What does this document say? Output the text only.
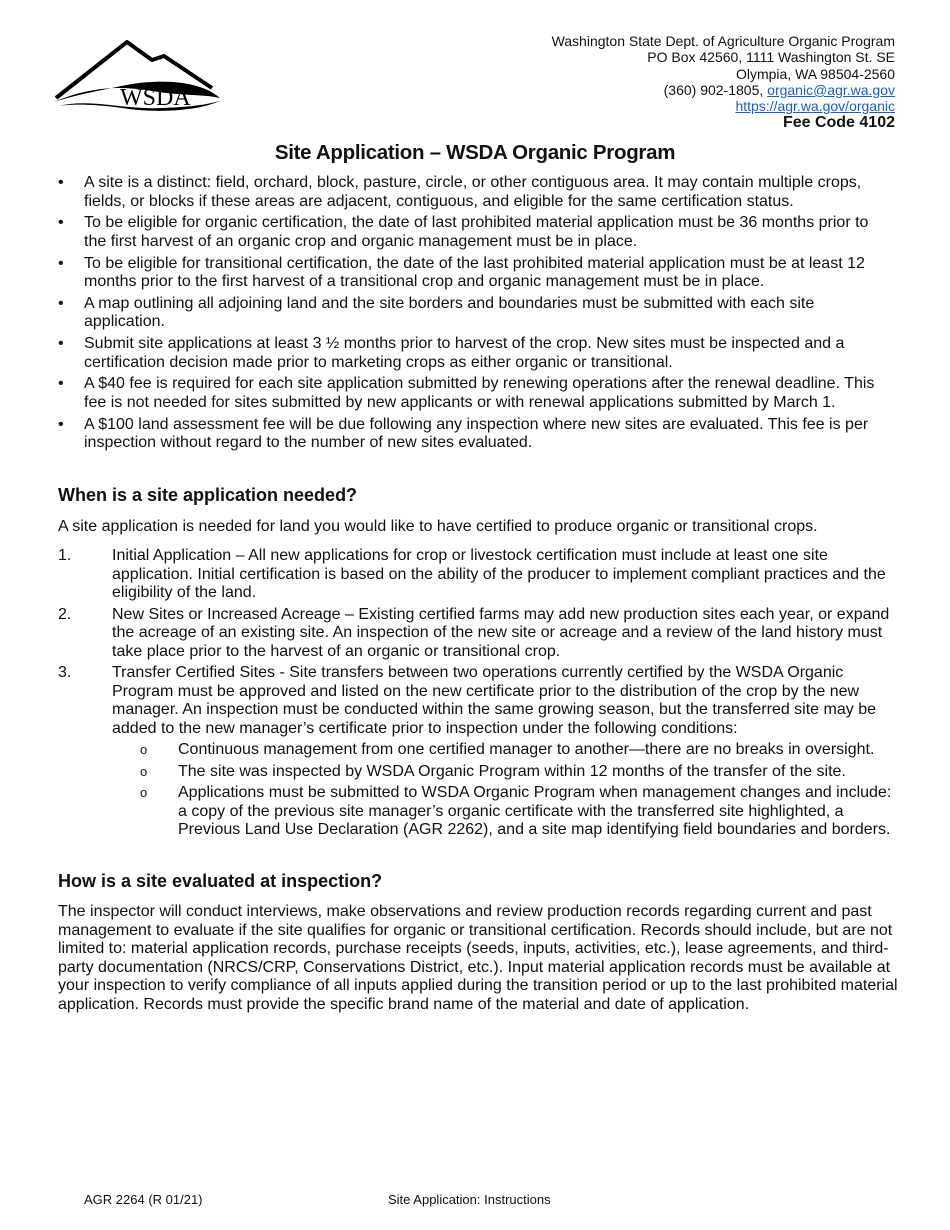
WSDA
Washington State Dept. of Agriculture Organic Program
PO Box 42560, 1111 Washington St. SE
Olympia, WA 98504-2560
(360) 902-1805, organic@agr.wa.gov
https://agr.wa.gov/organic
Fee Code 4102
Site Application – WSDA Organic Program
• A site is a distinct: field, orchard, block, pasture, circle, or other contiguous area. It may contain multiple crops, fields, or blocks if these areas are adjacent, contiguous, and eligible for the same certification status.
• To be eligible for organic certification, the date of last prohibited material application must be 36 months prior to the first harvest of an organic crop and organic management must be in place.
• To be eligible for transitional certification, the date of the last prohibited material application must be at least 12 months prior to the first harvest of a transitional crop and organic management must be in place.
• A map outlining all adjoining land and the site borders and boundaries must be submitted with each site application.
• Submit site applications at least 3 ½ months prior to harvest of the crop. New sites must be inspected and a certification decision made prior to marketing crops as either organic or transitional.
• A $40 fee is required for each site application submitted by renewing operations after the renewal deadline. This fee is not needed for sites submitted by new applicants or with renewal applications submitted by March 1.
• A $100 land assessment fee will be due following any inspection where new sites are evaluated. This fee is per inspection without regard to the number of new sites evaluated.
When is a site application needed?
A site application is needed for land you would like to have certified to produce organic or transitional crops.
1.	Initial Application – All new applications for crop or livestock certification must include at least one site application. Initial certification is based on the ability of the producer to implement compliant practices and the eligibility of the land.
2.	New Sites or Increased Acreage – Existing certified farms may add new production sites each year, or expand the acreage of an existing site. An inspection of the new site or acreage and a review of the land history must take place prior to the harvest of an organic or transitional crop.
3.	Transfer Certified Sites - Site transfers between two operations currently certified by the WSDA Organic Program must be approved and listed on the new certificate prior to the distribution of the crop by the new manager. An inspection must be conducted within the same growing season, but the transferred site may be added to the new manager’s certificate prior to inspection under the following conditions:
o Continuous management from one certified manager to another—there are no breaks in oversight.
o The site was inspected by WSDA Organic Program within 12 months of the transfer of the site.
o Applications must be submitted to WSDA Organic Program when management changes and include: a copy of the previous site manager’s organic certificate with the transferred site highlighted, a Previous Land Use Declaration (AGR 2262), and a site map identifying field boundaries and borders.
How is a site evaluated at inspection?
The inspector will conduct interviews, make observations and review production records regarding current and past management to evaluate if the site qualifies for organic or transitional certification. Records should include, but are not limited to: material application records, purchase receipts (seeds, inputs, activities, etc.), lease agreements, and third-party documentation (NRCS/CRP, Conservations District, etc.). Input material application records must be available at your inspection to verify compliance of all inputs applied during the transition period or up to the last prohibited material application. Records must provide the specific brand name of the material and date of application.
AGR 2264 (R 01/21)	Site Application: Instructions
